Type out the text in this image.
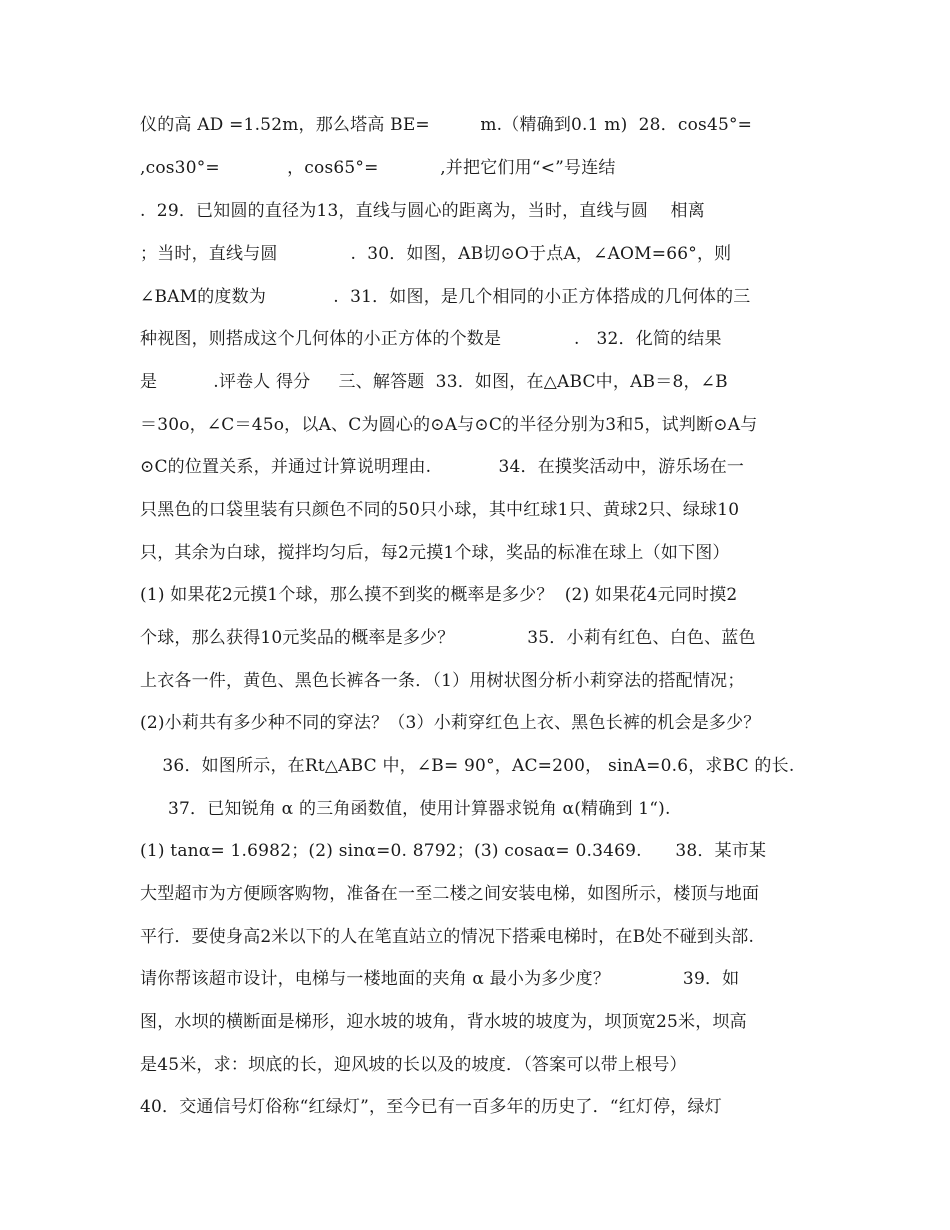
仪的高 AD =1.52m，那么塔高 BE=         m.（精确到0.1 m)  28．cos45°=
,cos30°=            ，cos65°=           ,并把它们用“<”号连结
.  29．已知圆的直径为13，直线与圆心的距离为，当时，直线与圆    相离
；当时，直线与圆             .  30．如图，AB切⊙O于点A，∠AOM=66°，则
∠BAM的度数为            .  31．如图，是几个相同的小正方体搭成的几何体的三
种视图，则搭成这个几何体的小正方体的个数是             .   32．化简的结果
是          .评卷人 得分     三、解答题  33．如图，在△ABC中，AB＝8，∠B
＝30o，∠C＝45o，以A、C为圆心的⊙A与⊙C的半径分别为3和5，试判断⊙A与
⊙C的位置关系，并通过计算说明理由.            34．在摸奖活动中，游乐场在一
只黑色的口袋里装有只颜色不同的50只小球，其中红球1只、黄球2只、绿球10
只，其余为白球，搅拌均匀后，每2元摸1个球，奖品的标准在球上（如下图）
(1) 如果花2元摸1个球，那么摸不到奖的概率是多少？  (2) 如果花4元同时摸2
个球，那么获得10元奖品的概率是多少？             35．小莉有红色、白色、蓝色
上衣各一件，黄色、黑色长裤各一条．（1）用树状图分析小莉穿法的搭配情况；
(2)小莉共有多少种不同的穿法？（3）小莉穿红色上衣、黑色长裤的机会是多少？
36．如图所示，在Rt△ABC 中，∠B= 90°，AC=200， sinA=0.6，求BC 的长.
37．已知锐角 α 的三角函数值，使用计算器求锐角 α(精确到 1“).
(1) tanα= 1.6982；(2) sinα=0. 8792；(3) cosaα= 0.3469.      38．某市某
大型超市为方便顾客购物，准备在一至二楼之间安装电梯，如图所示，楼顶与地面
平行．要使身高2米以下的人在笔直站立的情况下搭乘电梯时，在B处不碰到头部.
请你帮该超市设计，电梯与一楼地面的夹角 α 最小为多少度？             39．如
图，水坝的横断面是梯形，迎水坡的坡角，背水坡的坡度为，坝顶宽25米，坝高
是45米，求：坝底的长，迎风坡的长以及的坡度．（答案可以带上根号）
40．交通信号灯俗称“红绿灯”，至今已有一百多年的历史了．“红灯停，绿灯
